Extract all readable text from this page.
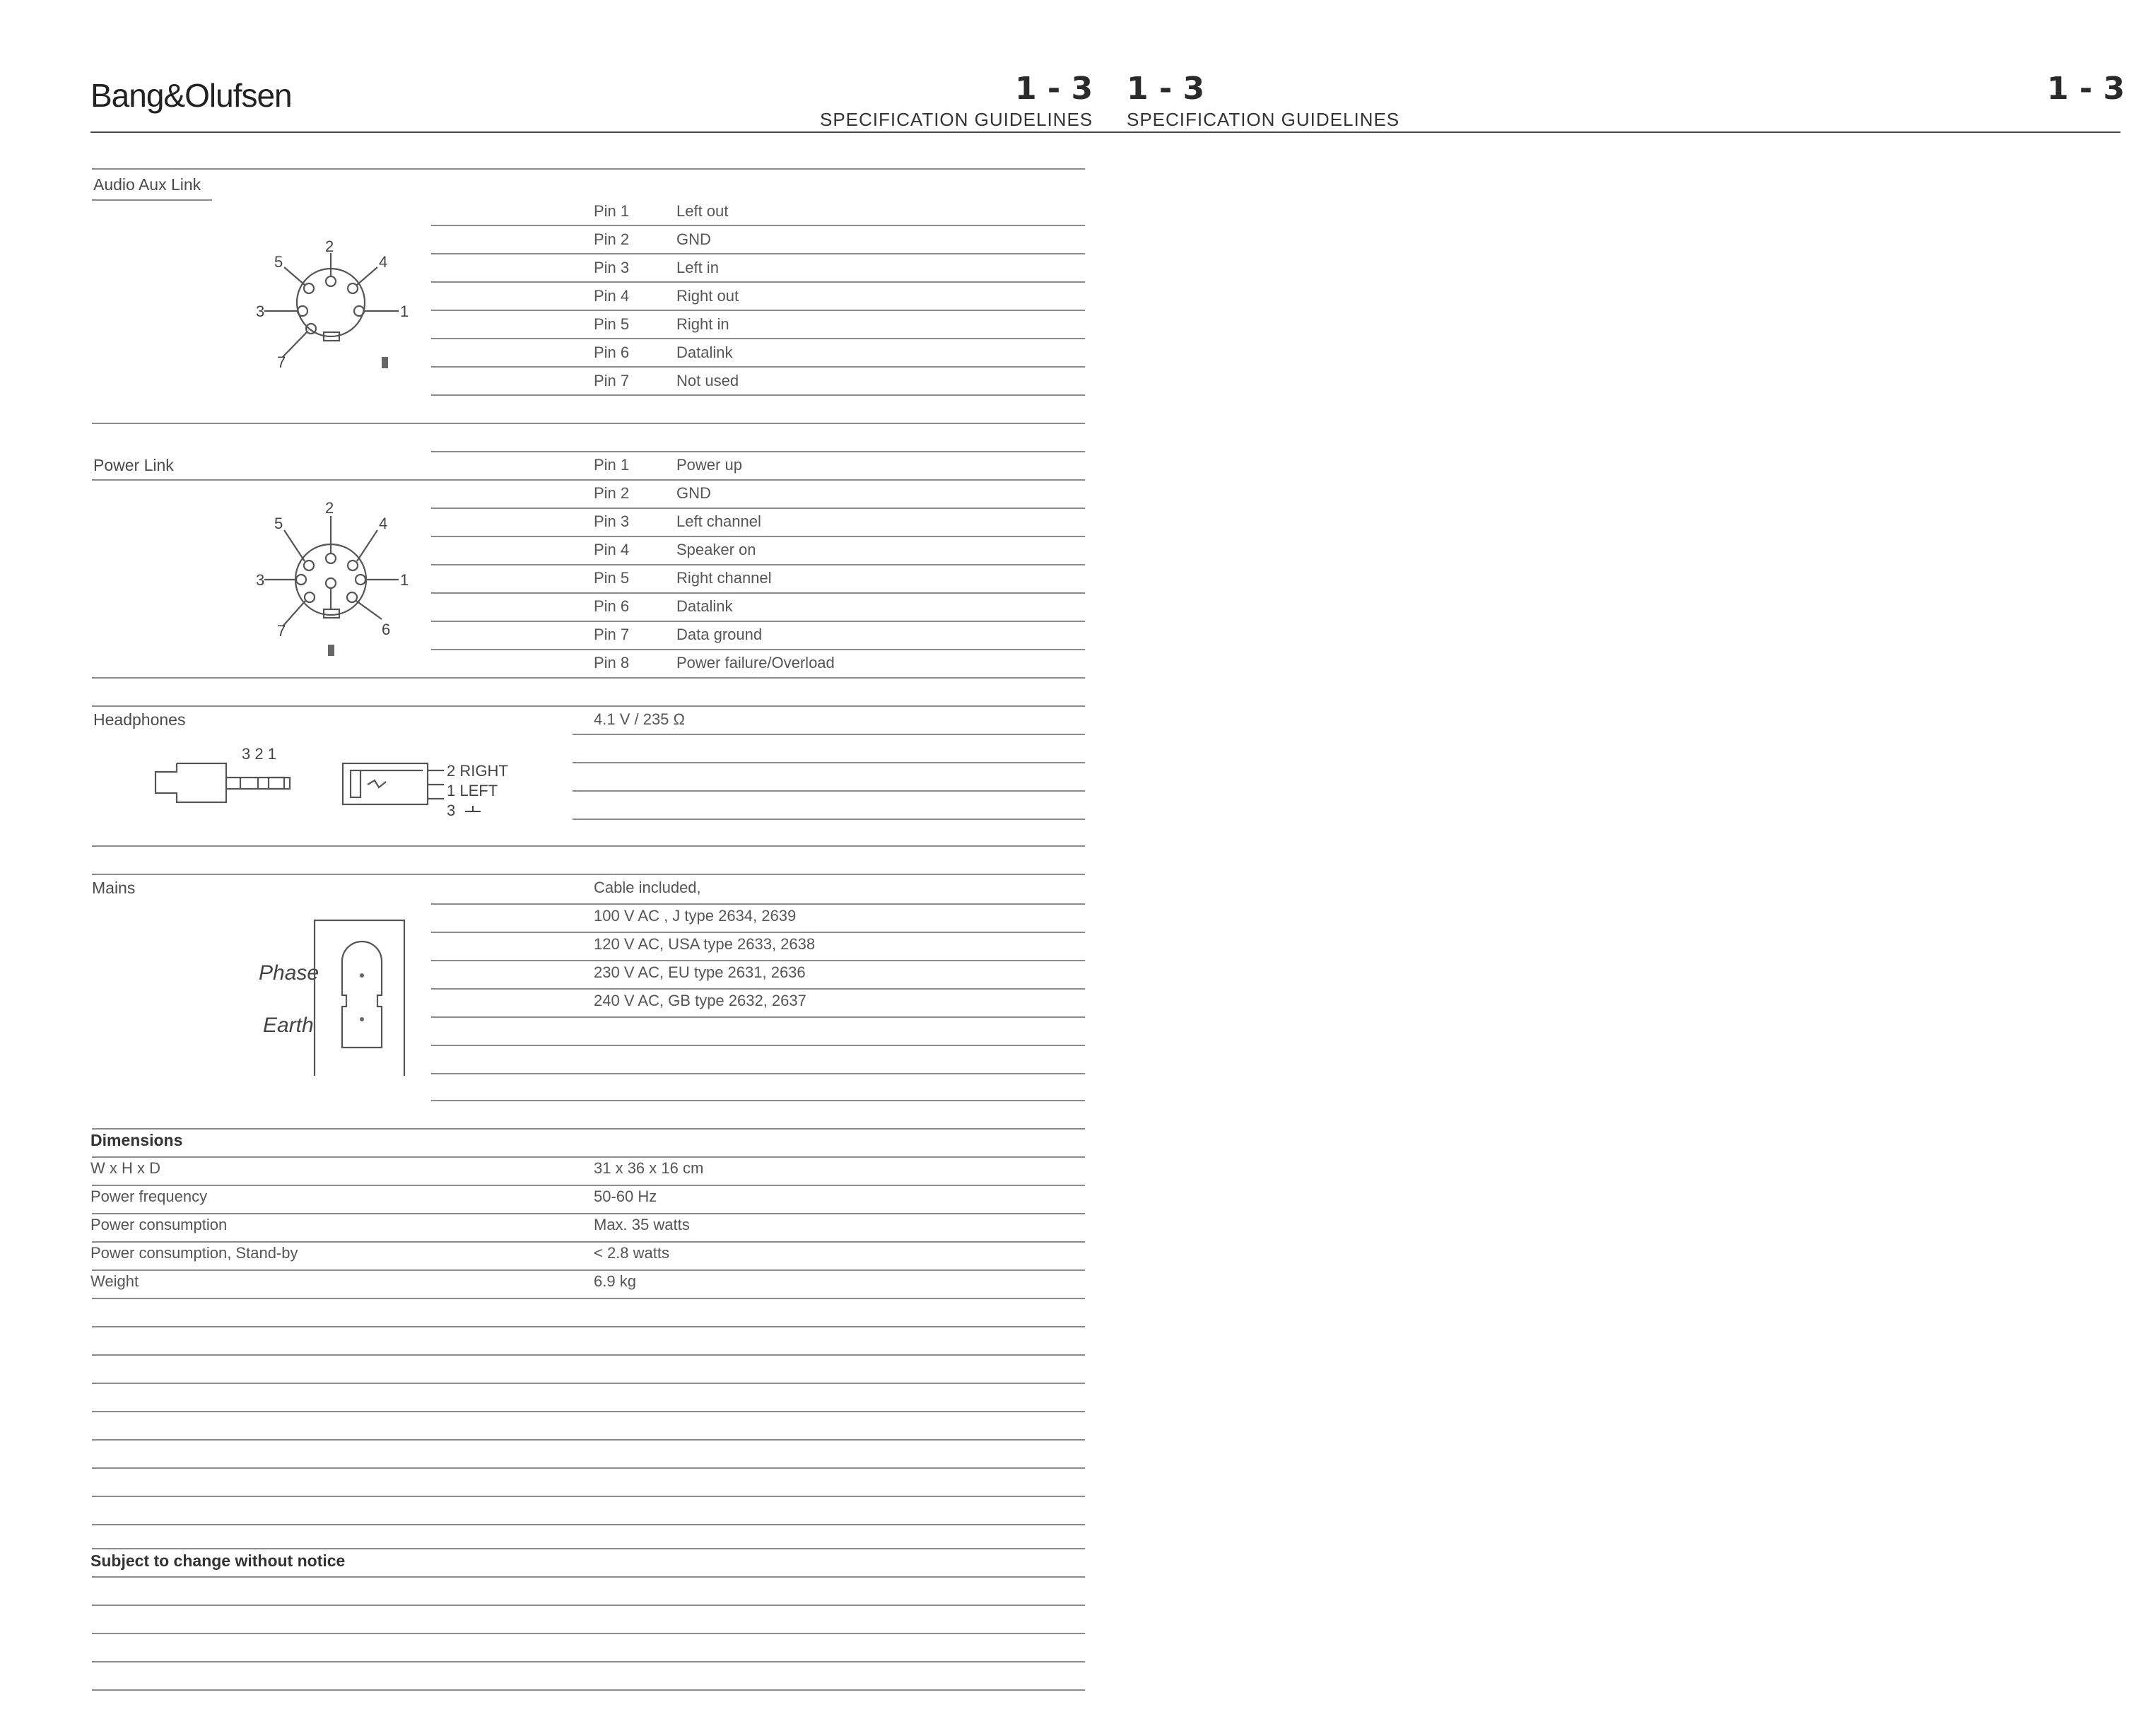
Bang&Olufsen	1 - 3
SPECIFICATION GUIDELINES
1 - 3
SPECIFICATION GUIDELINES
1 - 3
Audio Aux Link
Pin 1	Left out
Pin 2	GND
Pin 3	Left in
Pin 4	Right out
Pin 5	Right in
Pin 6	Datalink
Pin 7	Not used
2
5	4
3	1
7
Power Link	Pin 1	Power up
Pin 2	GND
Pin 3	Left channel
Pin 4	Speaker on
Pin 5	Right channel
Pin 6	Datalink
Pin 7	Data ground
Pin 8	Power failure/Overload
2
5	4
3	1
7	6
Headphones	4.1 V / 235 Ω
3 2 1
2 RIGHT
1 LEFT
3
Mains	Cable included,
100 V AC , J type 2634, 2639
120 V AC, USA type 2633, 2638
230 V AC, EU type 2631, 2636
240 V AC, GB type 2632, 2637
Phase
Earth
Dimensions
W x H x D	31 x 36 x 16 cm
Power frequency	50-60 Hz
Power consumption	Max. 35 watts
Power consumption, Stand-by	< 2.8 watts
Weight	6.9 kg
Subject to change without notice
